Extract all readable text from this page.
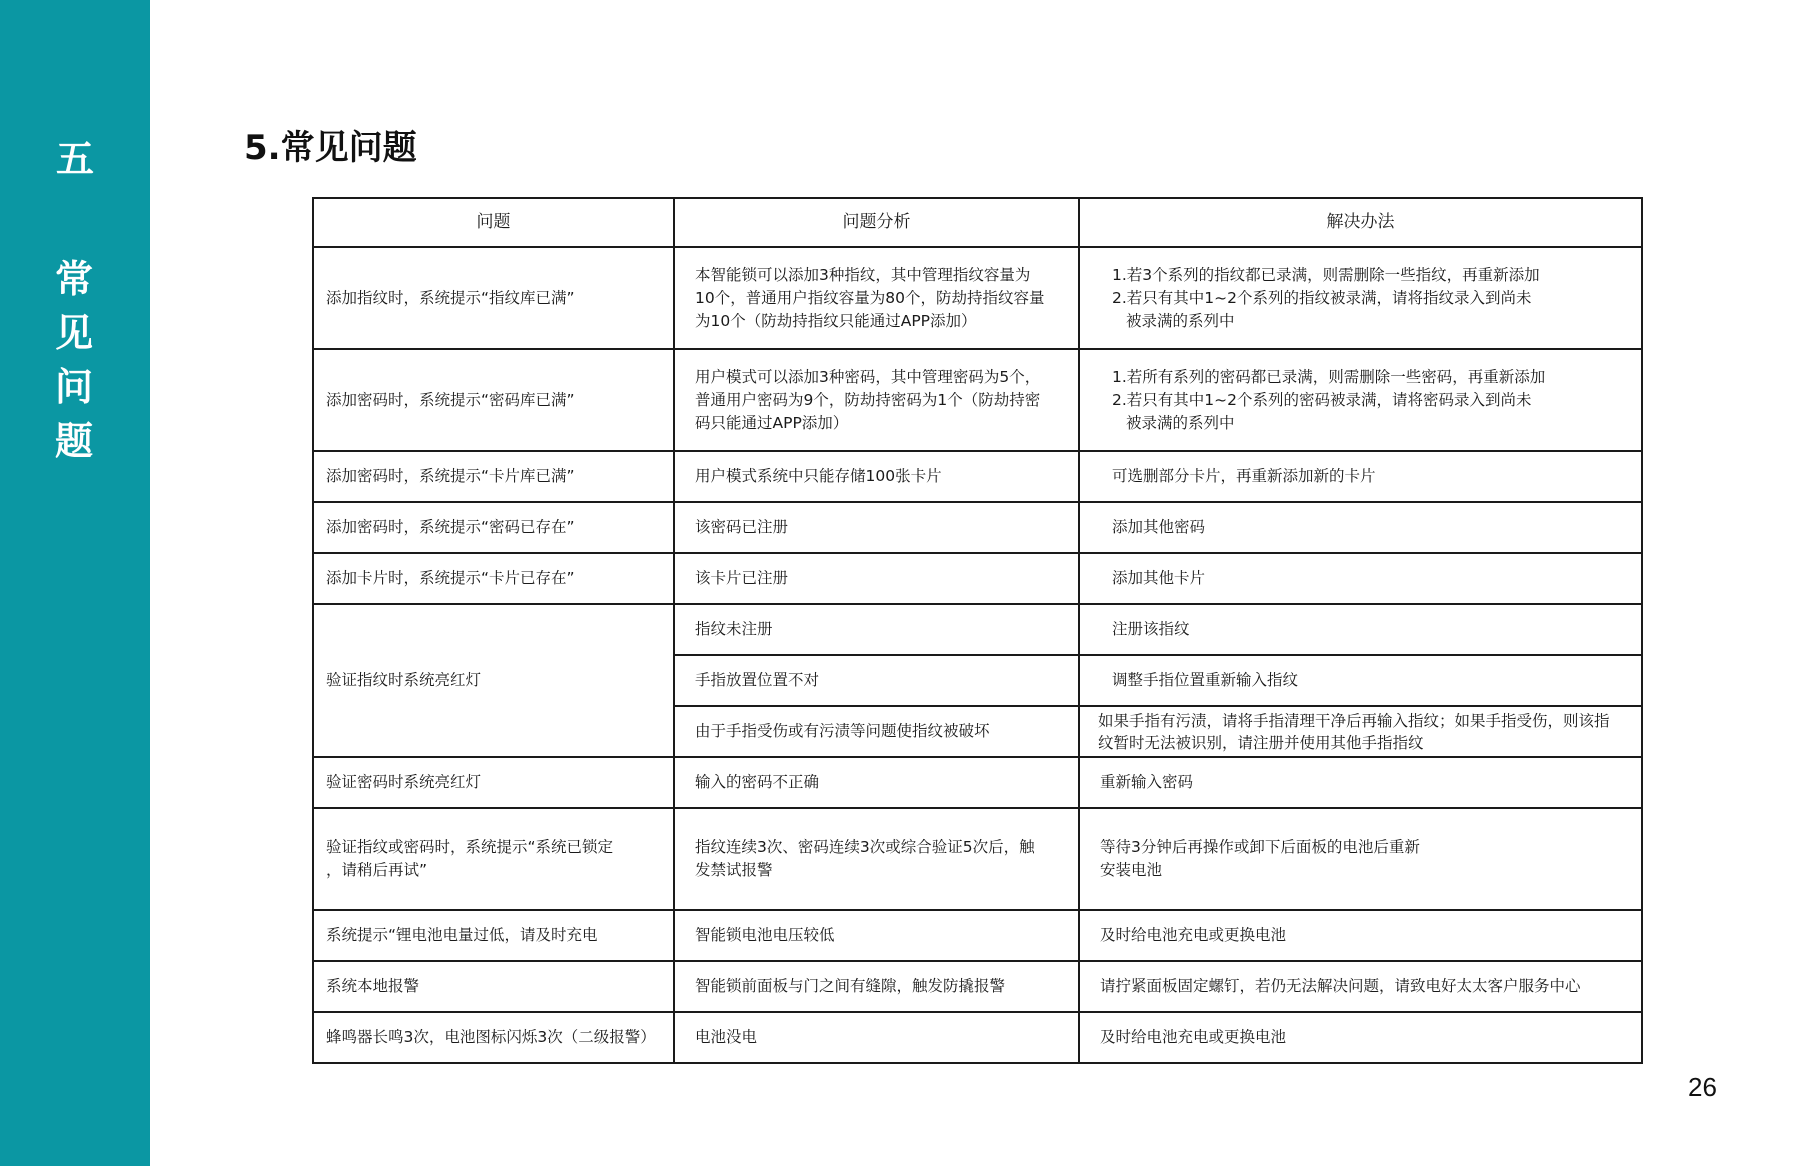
五
常
见
问
题
5.常见问题
问题	问题分析	解决办法
添加指纹时，系统提示“指纹库已满”	本智能锁可以添加3种指纹，其中管理指纹容量为
10个，普通用户指纹容量为80个，防劫持指纹容量
为10个（防劫持指纹只能通过APP添加）	1.若3个系列的指纹都已录满，则需删除一些指纹，再重新添加
2.若只有其中1~2个系列的指纹被录满，请将指纹录入到尚未
被录满的系列中

添加密码时，系统提示“密码库已满”	用户模式可以添加3种密码，其中管理密码为5个，
普通用户密码为9个，防劫持密码为1个（防劫持密
码只能通过APP添加）	1.若所有系列的密码都已录满，则需删除一些密码，再重新添加
2.若只有其中1~2个系列的密码被录满，请将密码录入到尚未
被录满的系列中

添加密码时，系统提示“卡片库已满”	用户模式系统中只能存储100张卡片	可选删部分卡片，再重新添加新的卡片
添加密码时，系统提示“密码已存在”	该密码已注册	添加其他密码
添加卡片时，系统提示“卡片已存在”	该卡片已注册	添加其他卡片
验证指纹时系统亮红灯	指纹未注册	注册该指纹
	手指放置位置不对	调整手指位置重新输入指纹
	由于手指受伤或有污渍等问题使指纹被破坏	如果手指有污渍，请将手指清理干净后再输入指纹；如果手指受伤，则该指
纹暂时无法被识别，请注册并使用其他手指指纹

验证密码时系统亮红灯	输入的密码不正确	重新输入密码

验证指纹或密码时，系统提示“系统已锁定
，请稍后再试”	指纹连续3次、密码连续3次或综合验证5次后，触
发禁试报警	等待3分钟后再操作或卸下后面板的电池后重新
安装电池

系统提示“锂电池电量过低，请及时充电	智能锁电池电压较低	及时给电池充电或更换电池
系统本地报警	智能锁前面板与门之间有缝隙，触发防撬报警	请拧紧面板固定螺钉，若仍无法解决问题，请致电好太太客户服务中心
蜂鸣器长鸣3次，电池图标闪烁3次（二级报警）	电池没电	及时给电池充电或更换电池
26
